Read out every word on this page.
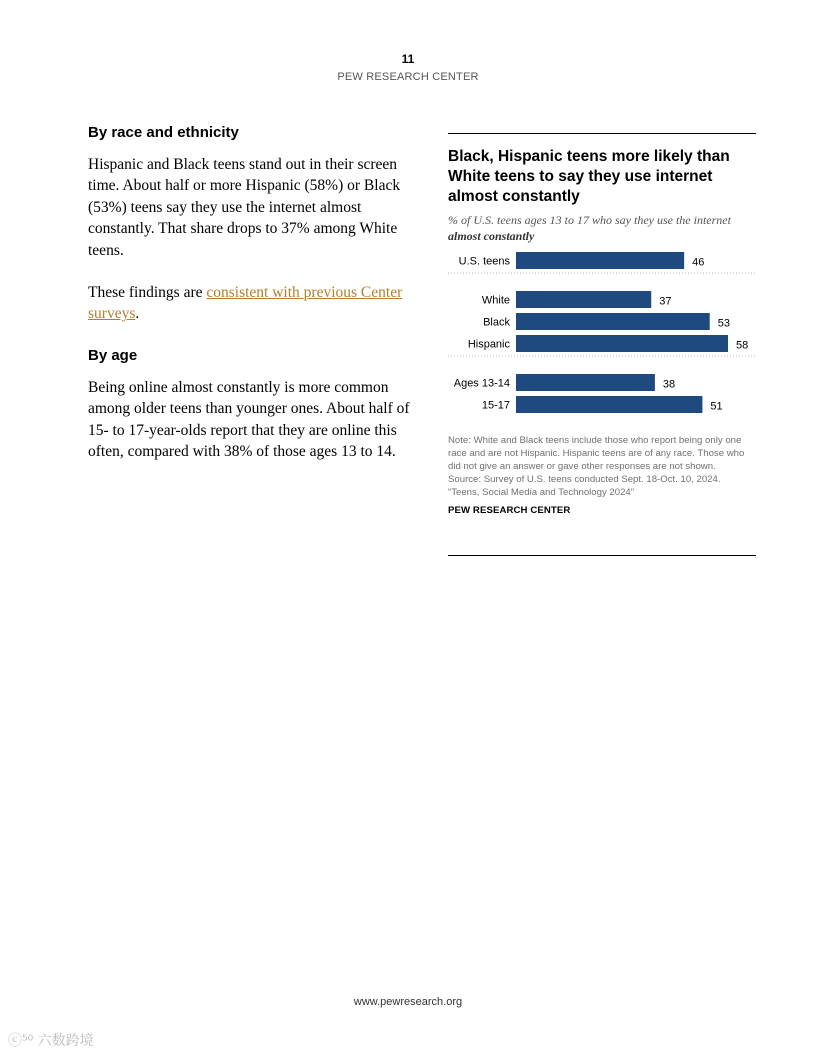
11
PEW RESEARCH CENTER
By race and ethnicity

Hispanic and Black teens stand out in their screen time. About half or more Hispanic (58%) or Black (53%) teens say they use the internet almost constantly. That share drops to 37% among White teens.

These findings are consistent with previous Center surveys.

By age

Being online almost constantly is more common among older teens than younger ones. About half of 15- to 17-year-olds report that they are online this often, compared with 38% of those ages 13 to 14.

Black, Hispanic teens more likely than White teens to say they use internet almost constantly

% of U.S. teens ages 13 to 17 who say they use the internet almost constantly

U.S. teens	46
White	37
Black	53
Hispanic	58
Ages 13-14	38
15-17	51

Note: White and Black teens include those who report being only one race and are not Hispanic. Hispanic teens are of any race. Those who did not give an answer or gave other responses are not shown.

Source: Survey of U.S. teens conducted Sept. 18-Oct. 10, 2024.

“Teens, Social Media and Technology 2024”

PEW RESEARCH CENTER

www.pewresearch.org
ⓒ⁵⁰ 六数跨境
